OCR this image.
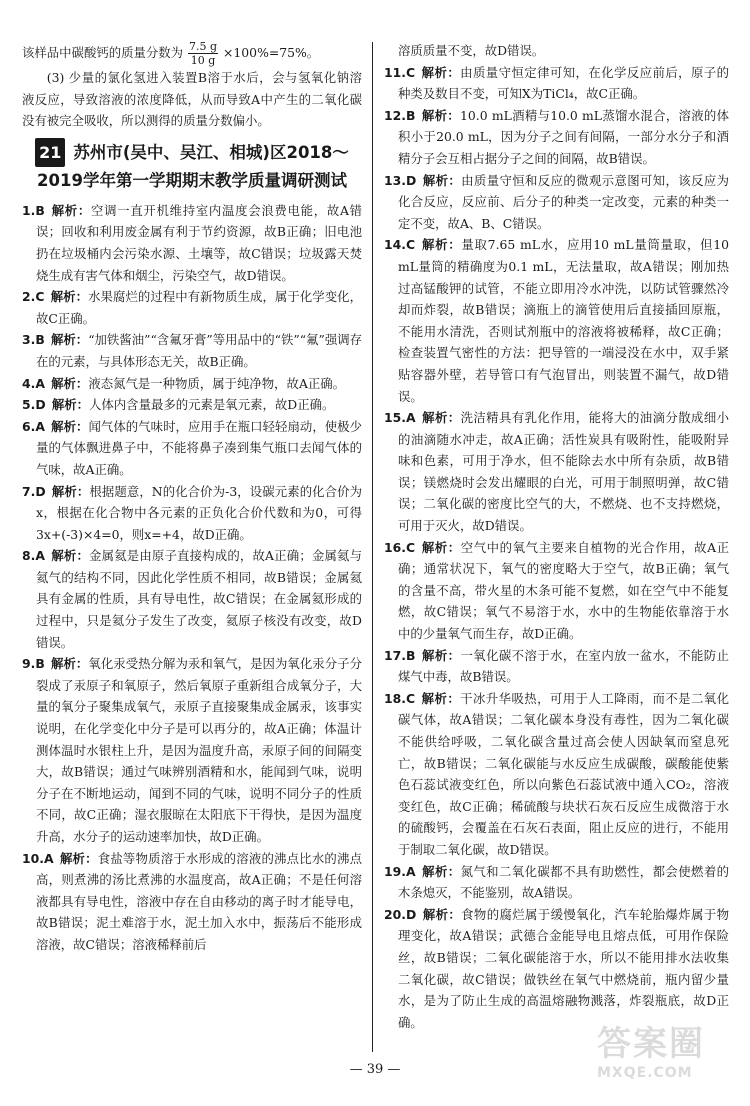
该样品中碳酸钙的质量分数为 $\frac{7.5 g}{10 g} \times 100\%=75\%$。

(3) 少量的氯化氢进入装置B溶于水后，会与氢氧化钠溶液反应，导致溶液的浓度降低，从而导致A中产生的二氧化碳没有被完全吸收，所以测得的质量分数偏小。

21 苏州市(吴中、吴江、相城)区2018～2019学年第一学期期末教学质量调研测试

1.B  解析：空调一直开机维持室内温度会浪费电能，故A错误；回收和利用废金属有利于节约资源，故B正确；旧电池扔在垃圾桶内会污染水源、土壤等，故C错误；垃圾露天焚烧生成有害气体和烟尘，污染空气，故D错误。

2.C  解析：水果腐烂的过程中有新物质生成，属于化学变化，故C正确。

3.B  解析：“加铁酱油”“含氟牙膏”等用品中的“铁”“氟”强调存在的元素，与具体形态无关，故B正确。

4.A  解析：液态氮气是一种物质，属于纯净物，故A正确。

5.D  解析：人体内含量最多的元素是氧元素，故D正确。

6.A  解析：闻气体的气味时，应用手在瓶口轻轻扇动，使极少量的气体飘进鼻子中，不能将鼻子凑到集气瓶口去闻气体的气味，故A正确。

7.D  解析：根据题意，N的化合价为-3，设碳元素的化合价为x，根据在化合物中各元素的正负化合价代数和为0，可得3x+(-3)×4=0，则x=+4，故D正确。

8.A  解析：金属氦是由原子直接构成的，故A正确；金属氦与氦气的结构不同，因此化学性质不相同，故B错误；金属氦具有金属的性质，具有导电性，故C错误；在金属氦形成的过程中，只是氦分子发生了改变，氦原子核没有改变，故D错误。

9.B  解析：氧化汞受热分解为汞和氧气，是因为氧化汞分子分裂成了汞原子和氧原子，然后氧原子重新组合成氧分子，大量的氧分子聚集成氧气，汞原子直接聚集成金属汞，该事实说明，在化学变化中分子是可以再分的，故A正确；体温计测体温时水银柱上升，是因为温度升高，汞原子间的间隔变大，故B错误；通过气味辨别酒精和水，能闻到气味，说明分子在不断地运动，闻到不同的气味，说明不同分子的性质不同，故C正确；湿衣服晾在太阳底下干得快，是因为温度升高，水分子的运动速率加快，故D正确。

10.A  解析：食盐等物质溶于水形成的溶液的沸点比水的沸点高，则煮沸的汤比煮沸的水温度高，故A正确；不是任何溶液都具有导电性，溶液中存在自由移动的离子时才能导电，故B错误；泥土难溶于水，泥土加入水中，振荡后不能形成溶液，故C错误；溶液稀释前后

溶质质量不变，故D错误。

11.C  解析：由质量守恒定律可知，在化学反应前后，原子的种类及数目不变，可知X为TiCl₄，故C正确。

12.B  解析：10.0 mL酒精与10.0 mL蒸馏水混合，溶液的体积小于20.0 mL，因为分子之间有间隔，一部分水分子和酒精分子会互相占据分子之间的间隔，故B错误。

13.D  解析：由质量守恒和反应的微观示意图可知，该反应为化合反应，反应前、后分子的种类一定改变，元素的种类一定不变，故A、B、C错误。

14.C  解析：量取7.65 mL水，应用10 mL量筒量取，但10 mL量筒的精确度为0.1 mL，无法量取，故A错误；刚加热过高锰酸钾的试管，不能立即用冷水冲洗，以防试管骤然冷却而炸裂，故B错误；滴瓶上的滴管使用后直接插回原瓶，不能用水清洗，否则试剂瓶中的溶液将被稀释，故C正确；检查装置气密性的方法：把导管的一端浸没在水中，双手紧贴容器外壁，若导管口有气泡冒出，则装置不漏气，故D错误。

15.A  解析：洗洁精具有乳化作用，能将大的油滴分散成细小的油滴随水冲走，故A正确；活性炭具有吸附性，能吸附异味和色素，可用于净水，但不能除去水中所有杂质，故B错误；镁燃烧时会发出耀眼的白光，可用于制照明弹，故C错误；二氧化碳的密度比空气的大，不燃烧、也不支持燃烧，可用于灭火，故D错误。

16.C  解析：空气中的氧气主要来自植物的光合作用，故A正确；通常状况下，氧气的密度略大于空气，故B正确；氧气的含量不高，带火星的木条可能不复燃，如在空气中不能复燃，故C错误；氧气不易溶于水，水中的生物能依靠溶于水中的少量氧气而生存，故D正确。

17.B  解析：一氧化碳不溶于水，在室内放一盆水，不能防止煤气中毒，故B错误。

18.C  解析：干冰升华吸热，可用于人工降雨，而不是二氧化碳气体，故A错误；二氧化碳本身没有毒性，因为二氧化碳不能供给呼吸，二氧化碳含量过高会使人因缺氧而窒息死亡，故B错误；二氧化碳能与水反应生成碳酸，碳酸能使紫色石蕊试液变红色，所以向紫色石蕊试液中通入CO₂，溶液变红色，故C正确；稀硫酸与块状石灰石反应生成微溶于水的硫酸钙，会覆盖在石灰石表面，阻止反应的进行，不能用于制取二氧化碳，故D错误。

19.A  解析：氮气和二氧化碳都不具有助燃性，都会使燃着的木条熄灭，不能鉴别，故A错误。

20.D  解析：食物的腐烂属于缓慢氧化，汽车轮胎爆炸属于物理变化，故A错误；武德合金能导电且熔点低，可用作保险丝，故B错误；二氧化碳能溶于水，所以不能用排水法收集二氧化碳，故C错误；做铁丝在氧气中燃烧前，瓶内留少量水，是为了防止生成的高温熔融物溅落，炸裂瓶底，故D正确。

— 39 —
答案圈
MXQE.COM
